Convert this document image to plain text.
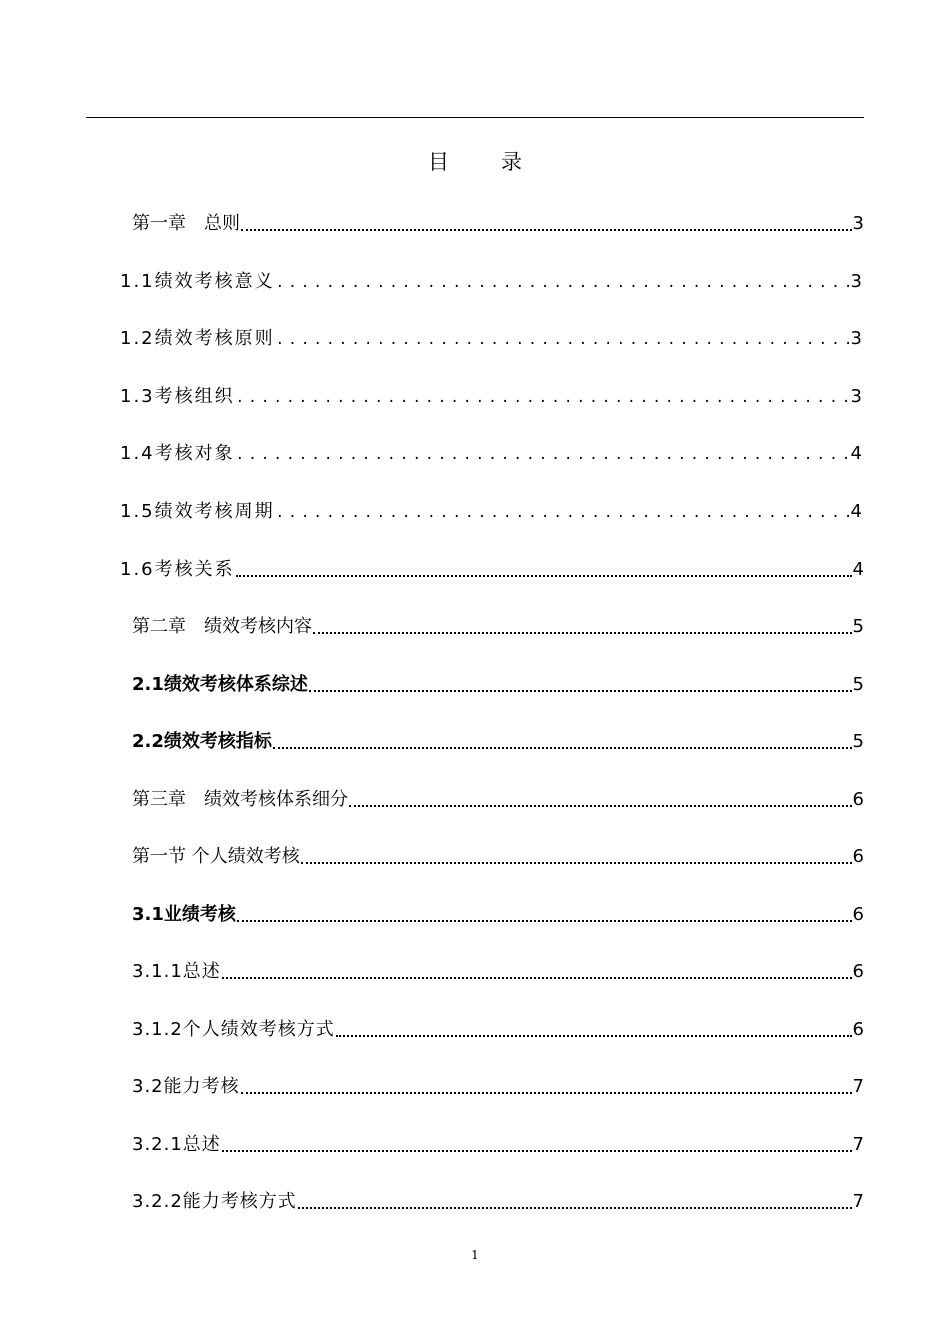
目 录
第一章　总则	3
1.1绩效考核意义 .....	3
1.2绩效考核原则 .....	3
1.3考核组织 .....	3
1.4考核对象 .....	4
1.5绩效考核周期 .....	4
1.6考核关系	4
第二章　绩效考核内容	5
2.1绩效考核体系综述	5
2.2绩效考核指标	5
第三章　绩效考核体系细分	6
第一节 个人绩效考核	6
3.1业绩考核	6
3.1.1总述	6
3.1.2个人绩效考核方式	6
3.2能力考核	7
3.2.1总述	7
3.2.2能力考核方式	7
1
